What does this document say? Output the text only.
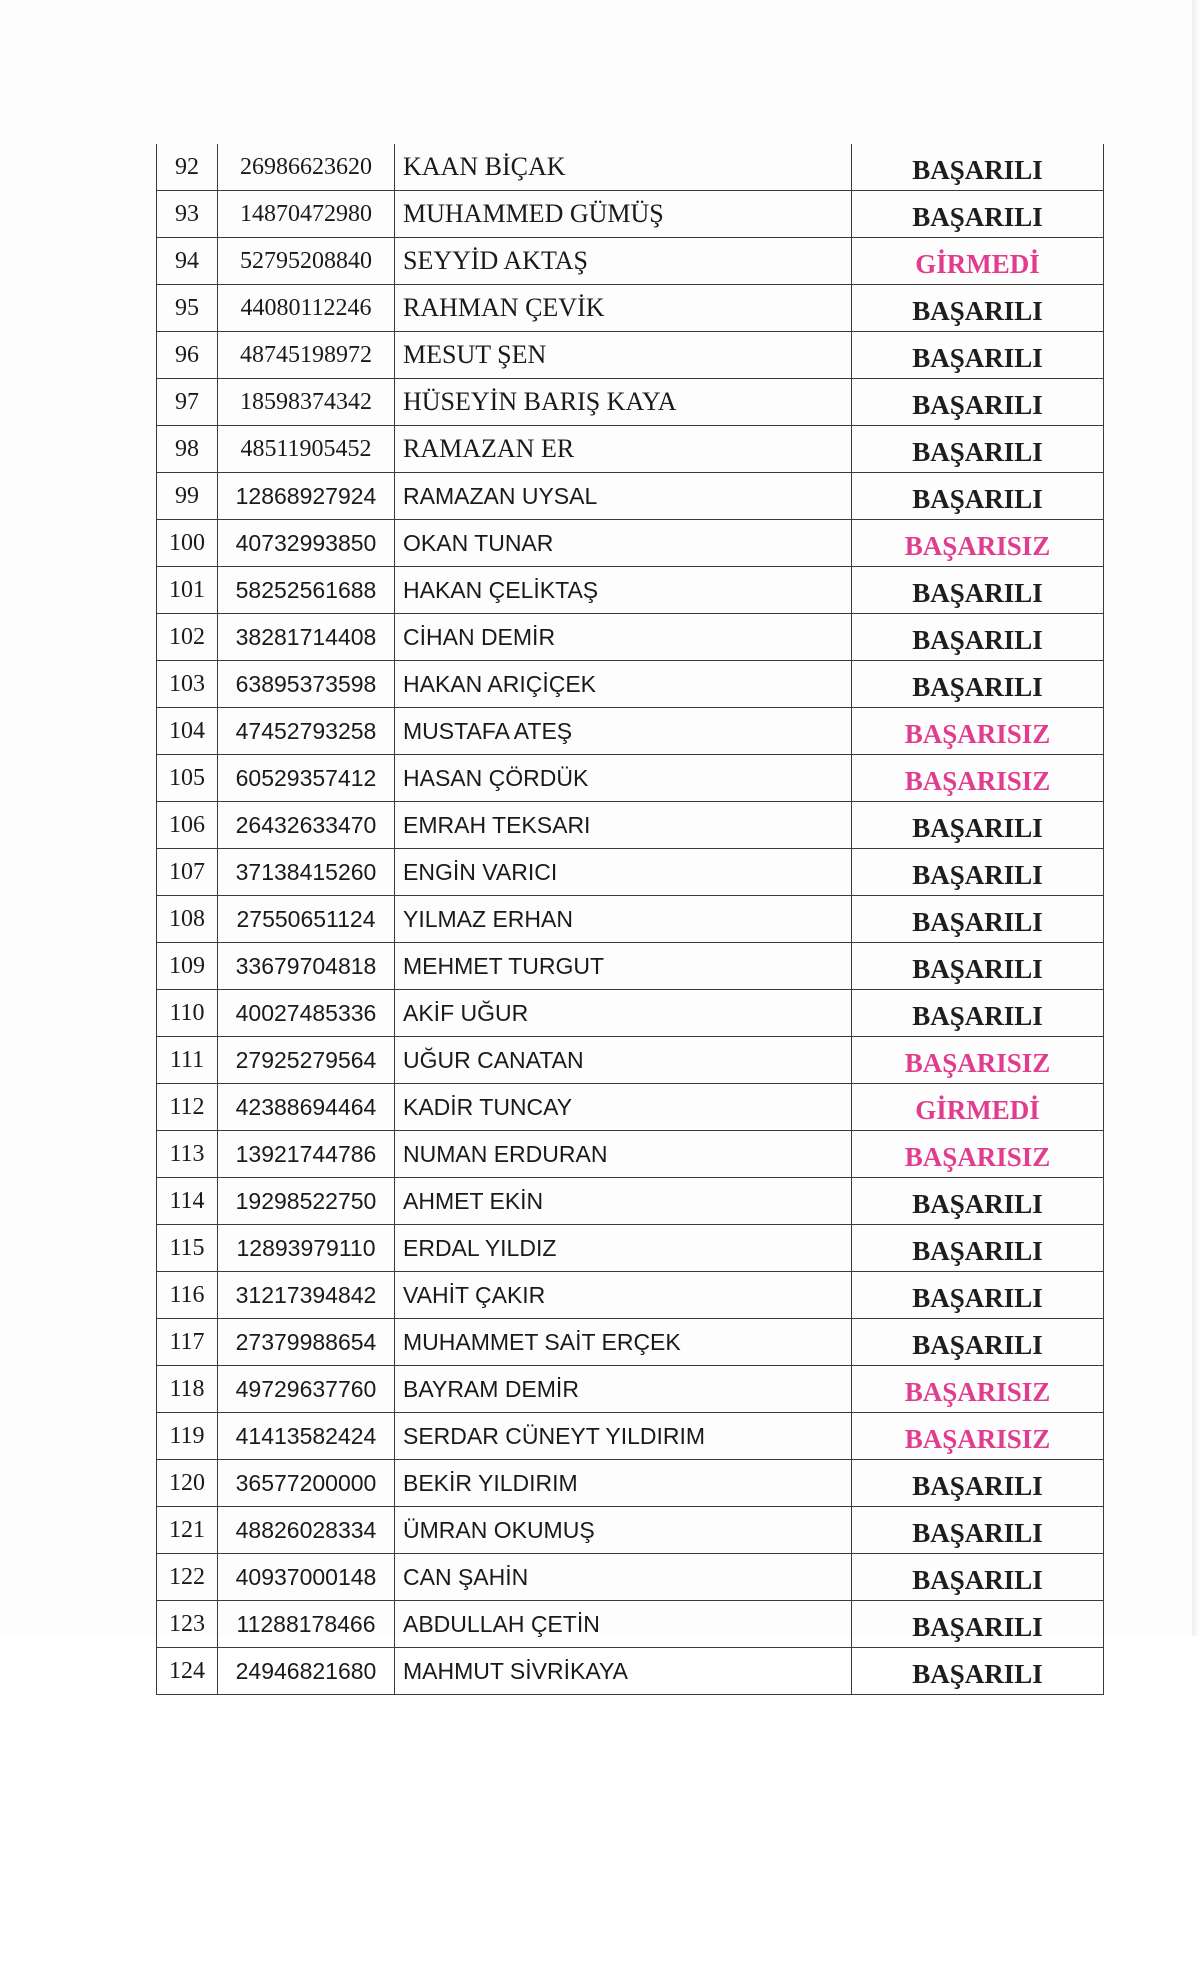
92	26986623620	KAAN BİÇAK	BAŞARILI
93	14870472980	MUHAMMED GÜMÜŞ	BAŞARILI
94	52795208840	SEYYİD AKTAŞ	GİRMEDİ
95	44080112246	RAHMAN ÇEVİK	BAŞARILI
96	48745198972	MESUT ŞEN	BAŞARILI
97	18598374342	HÜSEYİN BARIŞ KAYA	BAŞARILI
98	48511905452	RAMAZAN ER	BAŞARILI
99	12868927924	RAMAZAN UYSAL	BAŞARILI
100	40732993850	OKAN TUNAR	BAŞARISIZ
101	58252561688	HAKAN ÇELİKTAŞ	BAŞARILI
102	38281714408	CİHAN DEMİR	BAŞARILI
103	63895373598	HAKAN ARIÇİÇEK	BAŞARILI
104	47452793258	MUSTAFA ATEŞ	BAŞARISIZ
105	60529357412	HASAN ÇÖRDÜK	BAŞARISIZ
106	26432633470	EMRAH TEKSARI	BAŞARILI
107	37138415260	ENGİN VARICI	BAŞARILI
108	27550651124	YILMAZ ERHAN	BAŞARILI
109	33679704818	MEHMET TURGUT	BAŞARILI
110	40027485336	AKİF UĞUR	BAŞARILI
111	27925279564	UĞUR CANATAN	BAŞARISIZ
112	42388694464	KADİR TUNCAY	GİRMEDİ
113	13921744786	NUMAN ERDURAN	BAŞARISIZ
114	19298522750	AHMET EKİN	BAŞARILI
115	12893979110	ERDAL YILDIZ	BAŞARILI
116	31217394842	VAHİT ÇAKIR	BAŞARILI
117	27379988654	MUHAMMET SAİT ERÇEK	BAŞARILI
118	49729637760	BAYRAM DEMİR	BAŞARISIZ
119	41413582424	SERDAR CÜNEYT YILDIRIM	BAŞARISIZ
120	36577200000	BEKİR YILDIRIM	BAŞARILI
121	48826028334	ÜMRAN OKUMUŞ	BAŞARILI
122	40937000148	CAN ŞAHİN	BAŞARILI
123	11288178466	ABDULLAH ÇETİN	BAŞARILI
124	24946821680	MAHMUT SİVRİKAYA	BAŞARILI
